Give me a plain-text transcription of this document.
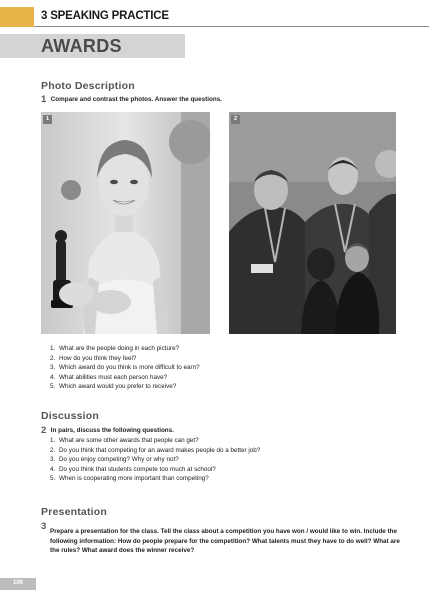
3 SPEAKING PRACTICE
AWARDS
Photo Description
1 Compare and contrast the photos. Answer the questions.
1	2
1. What are the people doing in each picture?
2. How do you think they feel?
3. Which award do you think is more difficult to earn?
4. What abilities must each person have?
5. Which award would you prefer to receive?
Discussion
2 In pairs, discuss the following questions.
1. What are some other awards that people can get?
2. Do you think that competing for an award makes people do a better job?
3. Do you enjoy competing? Why or why not?
4. Do you think that students compete too much at school?
5. When is cooperating more important than competing?
Presentation
3 Prepare a presentation for the class. Tell the class about a competition you have won / would like to win. Include the following information: How do people prepare for the competition? What talents must they have to do well? What are the rules? What award does the winner receive?
106
